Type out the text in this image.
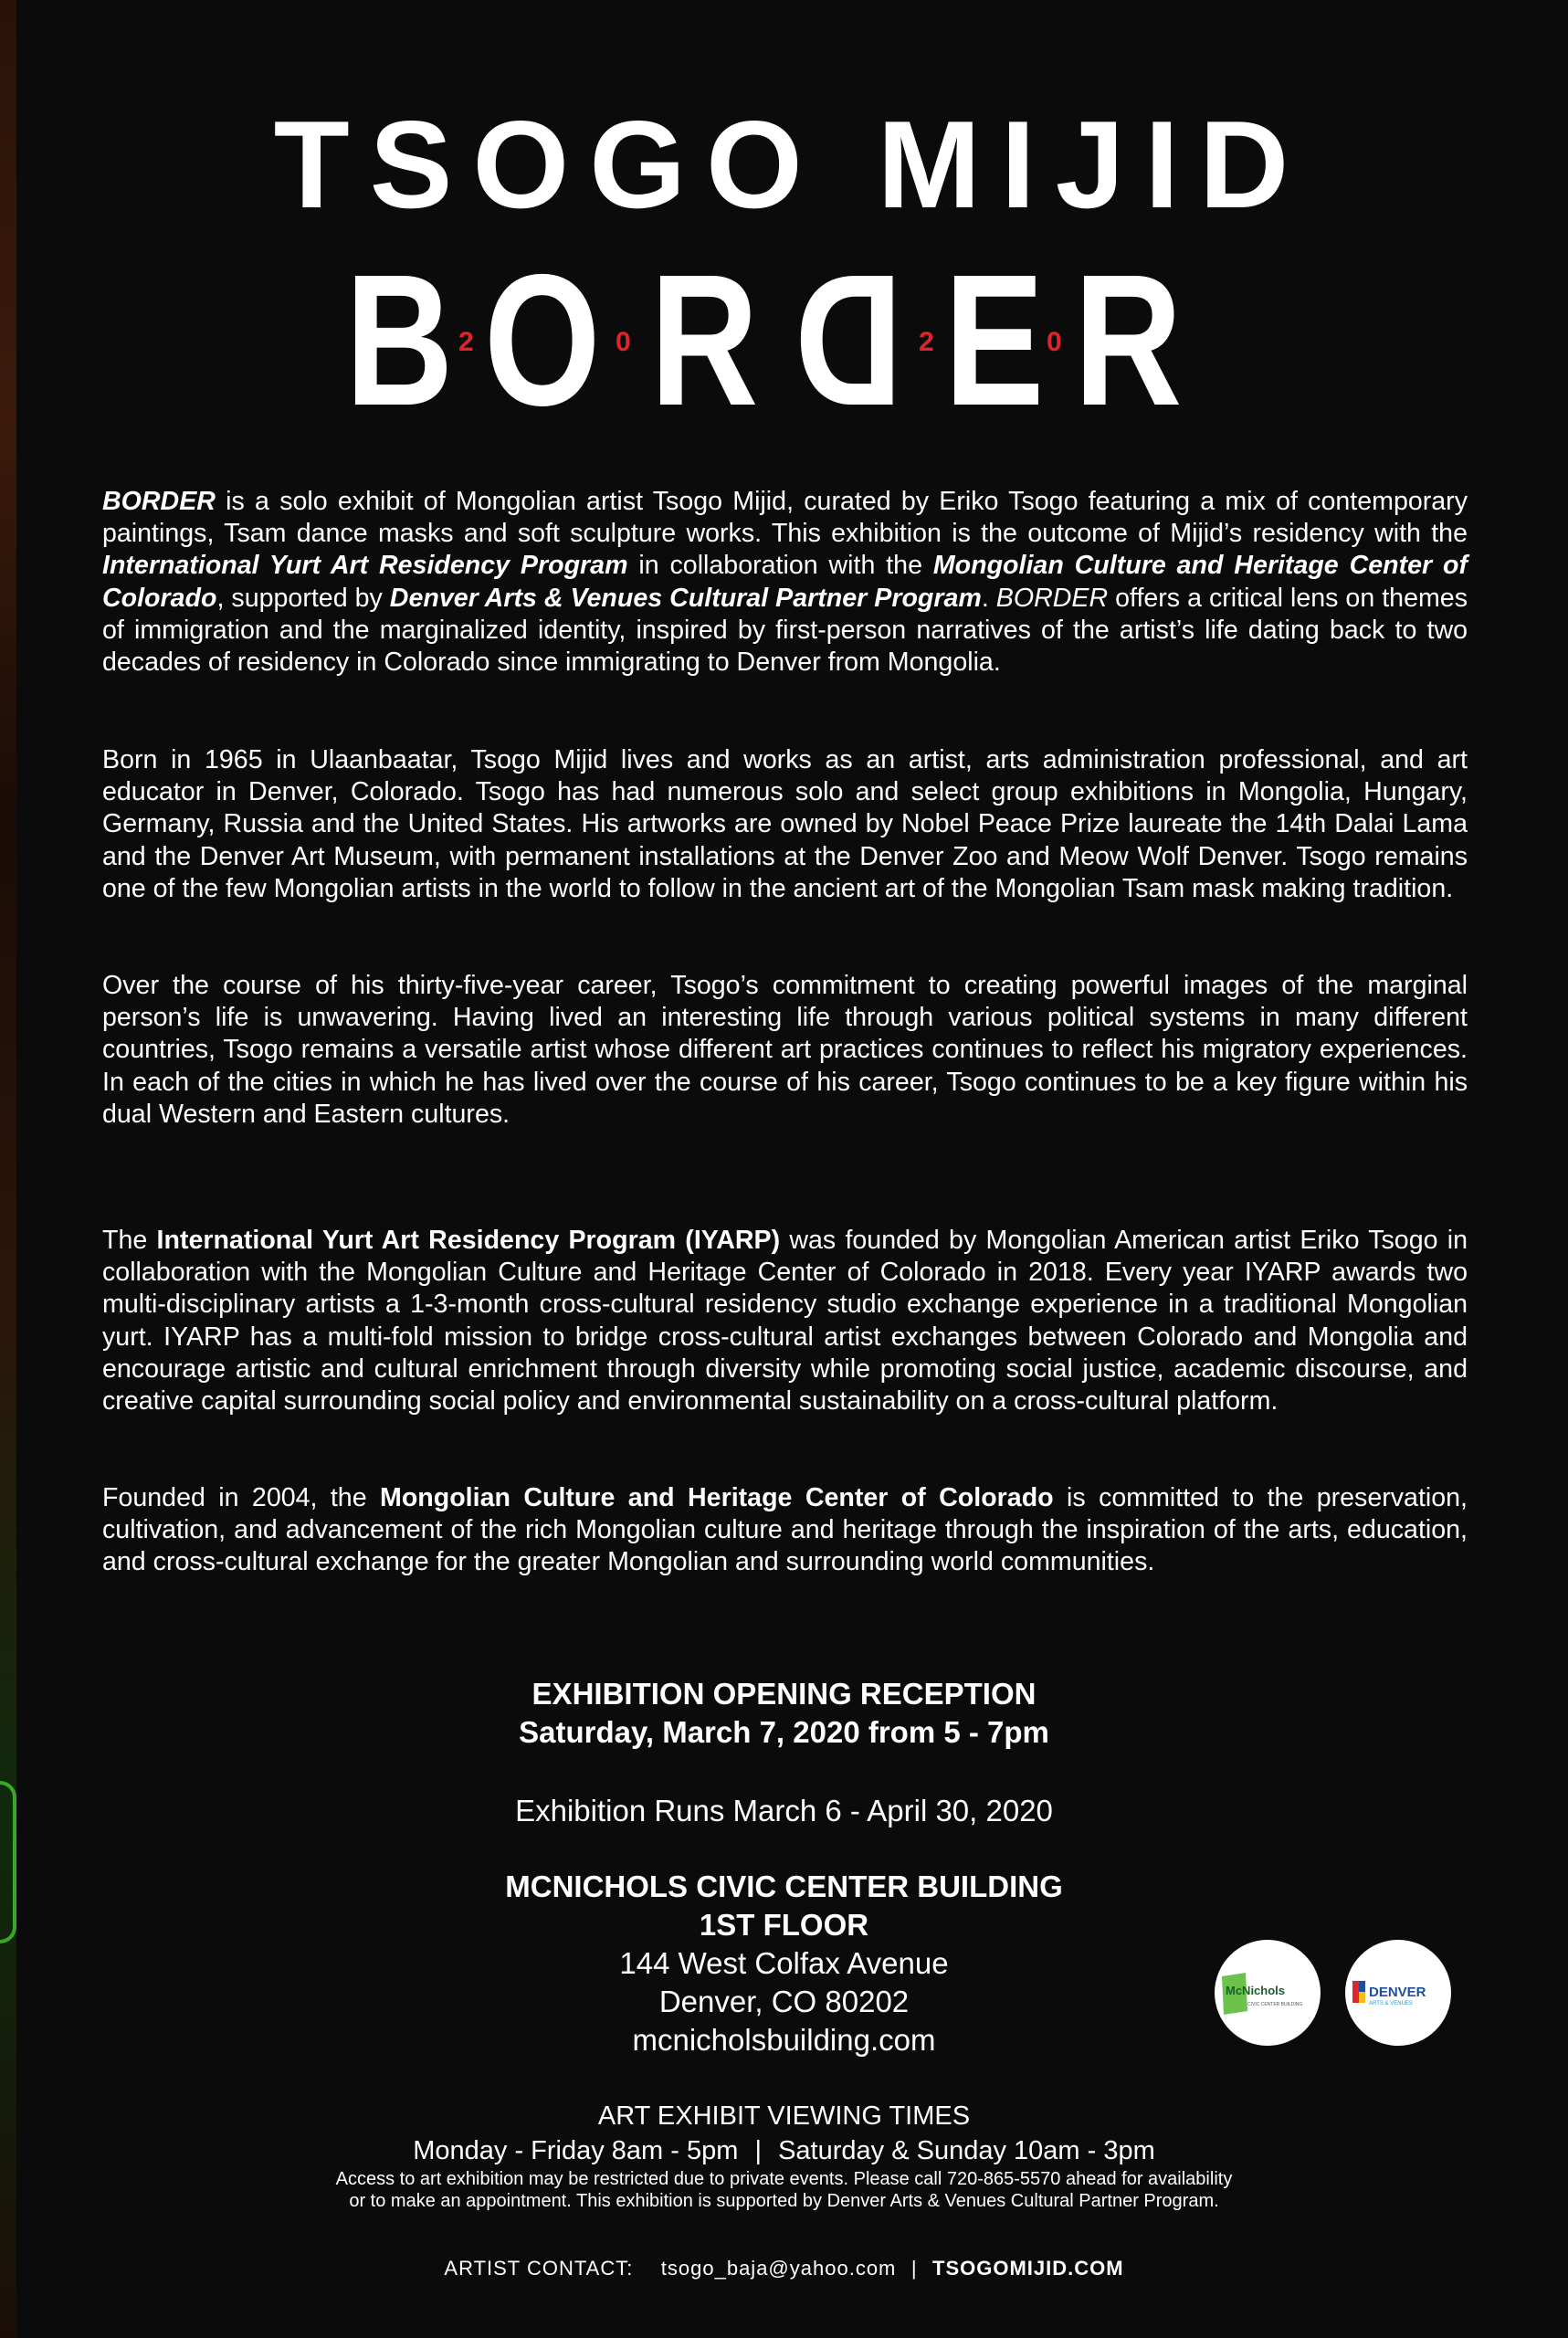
TSOGO MIJID
B 2 O 0 R D 2 E 0 R

BORDER is a solo exhibit of Mongolian artist Tsogo Mijid, curated by Eriko Tsogo featuring a mix of contemporary paintings, Tsam dance masks and soft sculpture works. This exhibition is the outcome of Mijid’s residency with the International Yurt Art Residency Program in collaboration with the Mongolian Culture and Heritage Center of Colorado, supported by Denver Arts & Venues Cultural Partner Program. BORDER offers a critical lens on themes of immigration and the marginalized identity, inspired by first-person narratives of the artist’s life dating back to two decades of residency in Colorado since immigrating to Denver from Mongolia.

Born in 1965 in Ulaanbaatar, Tsogo Mijid lives and works as an artist, arts administration professional, and art educator in Denver, Colorado. Tsogo has had numerous solo and select group exhibitions in Mongolia, Hungary, Germany, Russia and the United States. His artworks are owned by Nobel Peace Prize laureate the 14th Dalai Lama and the Denver Art Museum, with permanent installations at the Denver Zoo and Meow Wolf Denver. Tsogo remains one of the few Mongolian artists in the world to follow in the ancient art of the Mongolian Tsam mask making tradition.

Over the course of his thirty-five-year career, Tsogo’s commitment to creating powerful images of the marginal person’s life is unwavering. Having lived an interesting life through various political systems in many different countries, Tsogo remains a versatile artist whose different art practices continues to reflect his migratory experiences. In each of the cities in which he has lived over the course of his career, Tsogo continues to be a key figure within his dual Western and Eastern cultures.

The International Yurt Art Residency Program (IYARP) was founded by Mongolian American artist Eriko Tsogo in collaboration with the Mongolian Culture and Heritage Center of Colorado in 2018. Every year IYARP awards two multi-disciplinary artists a 1-3-month cross-cultural residency studio exchange experience in a traditional Mongolian yurt. IYARP has a multi-fold mission to bridge cross-cultural artist exchanges between Colorado and Mongolia and encourage artistic and cultural enrichment through diversity while promoting social justice, academic discourse, and creative capital surrounding social policy and environmental sustainability on a cross-cultural platform.

Founded in 2004, the Mongolian Culture and Heritage Center of Colorado is committed to the preservation, cultivation, and advancement of the rich Mongolian culture and heritage through the inspiration of the arts, education, and cross-cultural exchange for the greater Mongolian and surrounding world communities.

EXHIBITION OPENING RECEPTION
Saturday, March 7, 2020 from 5 - 7pm
Exhibition Runs March 6 - April 30, 2020
MCNICHOLS CIVIC CENTER BUILDING
1ST FLOOR
144 West Colfax Avenue
Denver, CO 80202
mcnicholsbuilding.com
McNichols
CIVIC CENTER BUILDING
DENVER
ARTS & VENUES
ART EXHIBIT VIEWING TIMES
Monday - Friday 8am - 5pm | Saturday & Sunday 10am - 3pm
Access to art exhibition may be restricted due to private events. Please call 720-865-5570 ahead for availability
or to make an appointment. This exhibition is supported by Denver Arts & Venues Cultural Partner Program.
ARTIST CONTACT: tsogo_baja@yahoo.com | TSOGOMIJID.COM
